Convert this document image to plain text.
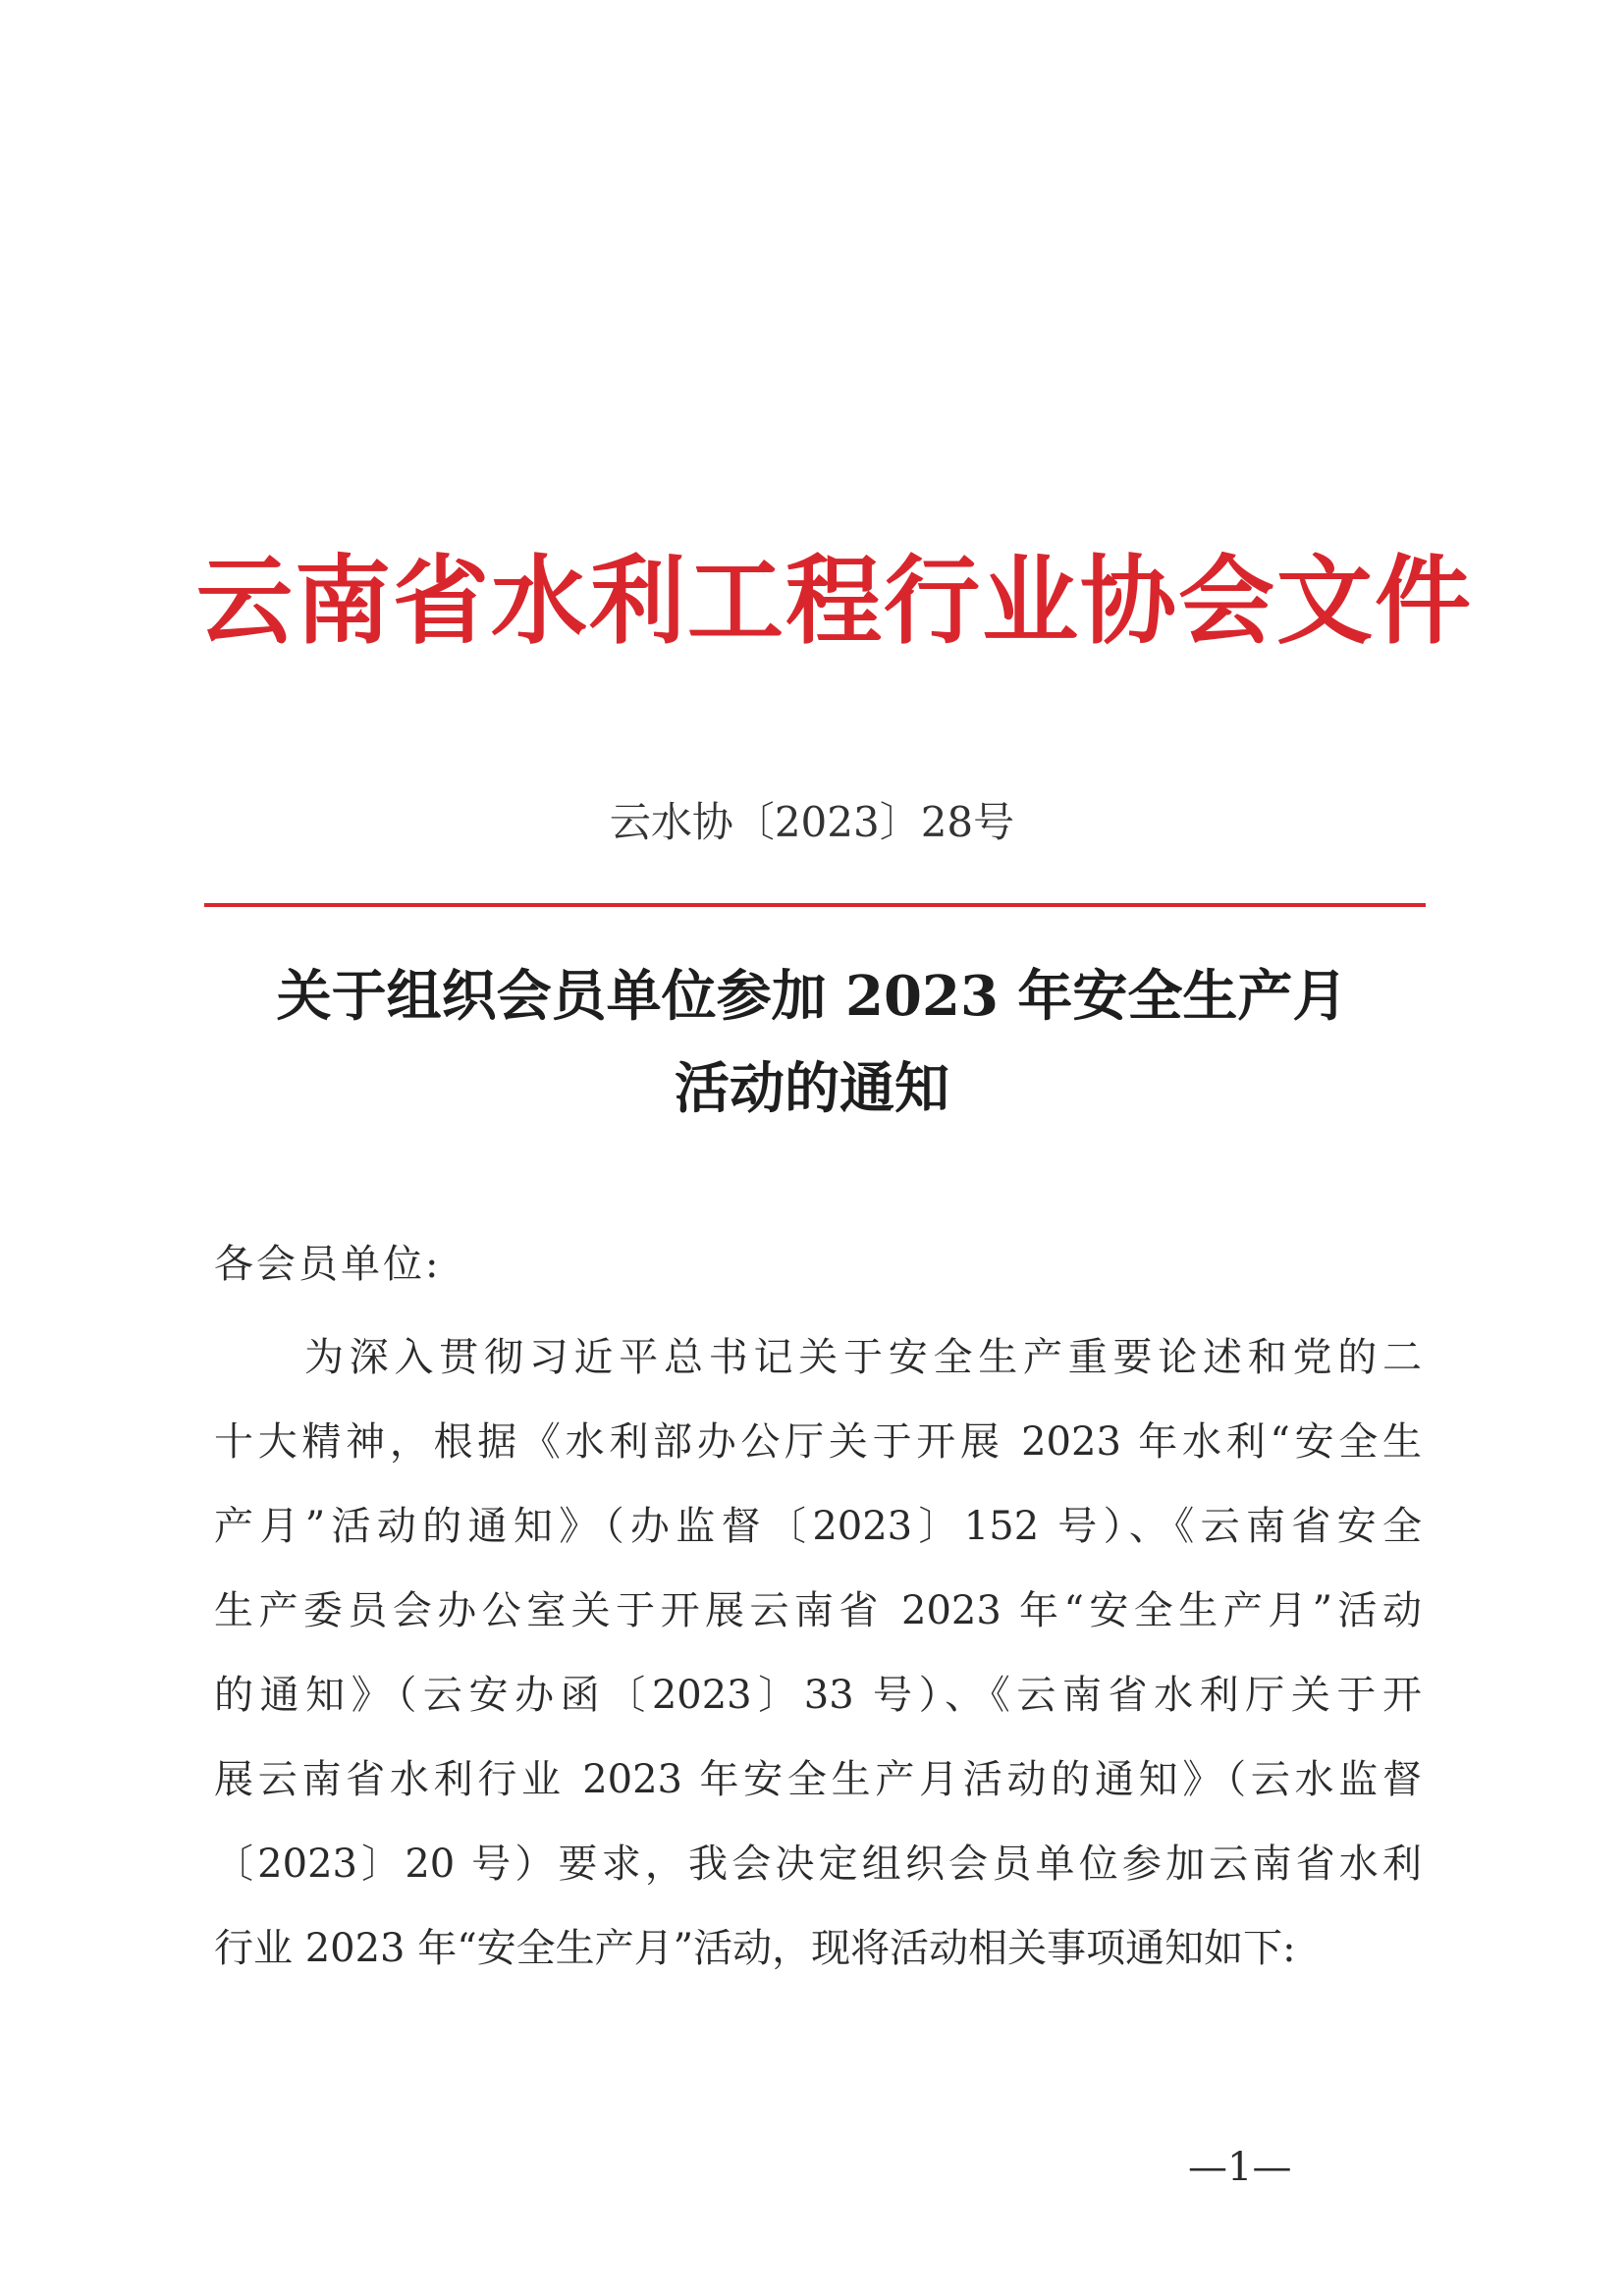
云南省水利工程行业协会文件
云水协〔2023〕28号
关于组织会员单位参加 2023 年安全生产月
活动的通知
各会员单位:
为深入贯彻习近平总书记关于安全生产重要论述和党的二
十大精神，根据《水利部办公厅关于开展 2023 年水利“安全生
产月”活动的通知》（办监督〔2023〕152 号）、《云南省安全
生产委员会办公室关于开展云南省 2023 年“安全生产月”活动
的通知》（云安办函〔2023〕33 号）、《云南省水利厅关于开
展云南省水利行业 2023 年安全生产月活动的通知》（云水监督
〔2023〕20 号）要求，我会决定组织会员单位参加云南省水利
行业 2023 年“安全生产月”活动，现将活动相关事项通知如下:
—1—
